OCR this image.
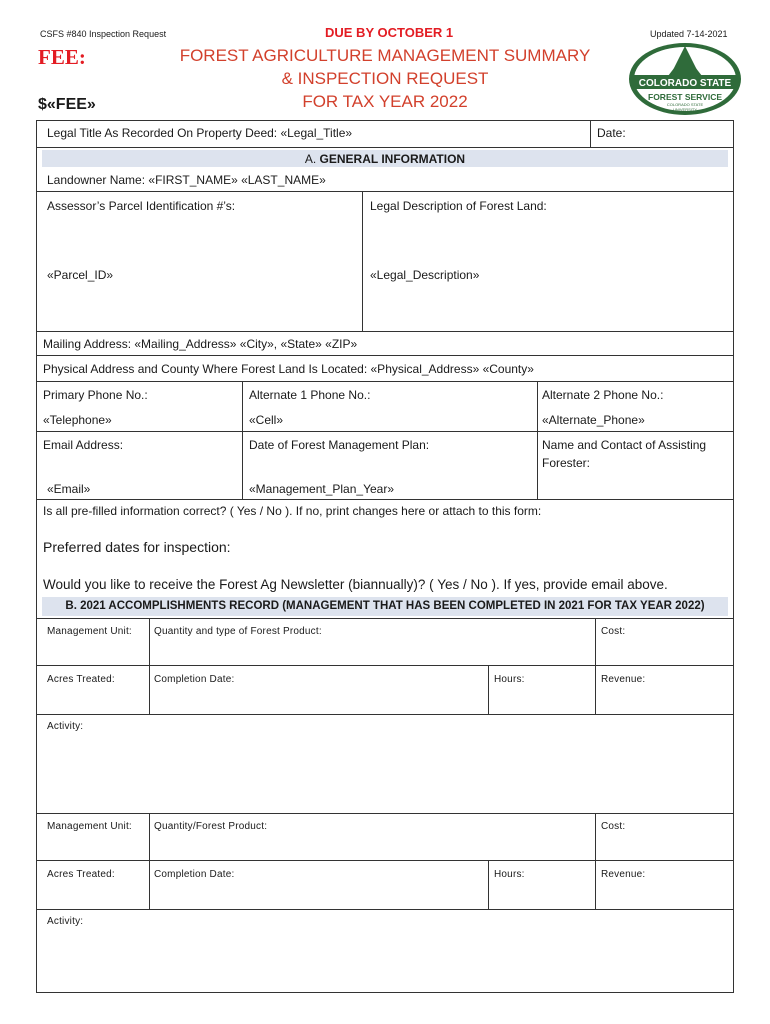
CSFS #840 Inspection Request	DUE BY OCTOBER 1	Updated 7-14-2021
FEE:
$«FEE»
FOREST AGRICULTURE MANAGEMENT SUMMARY
& INSPECTION REQUEST
FOR TAX YEAR 2022
COLORADO STATE
FOREST SERVICE
COLORADO STATE
UNIVERSITY
Legal Title As Recorded On Property Deed: «Legal_Title»	Date:
A. GENERAL INFORMATION
Landowner Name: «FIRST_NAME» «LAST_NAME»
Assessor’s Parcel Identification #’s:	Legal Description of Forest Land:
«Parcel_ID»	«Legal_Description»
Mailing Address: «Mailing_Address» «City», «State» «ZIP»
Physical Address and County Where Forest Land Is Located: «Physical_Address» «County»
Primary Phone No.:	Alternate 1 Phone No.:	Alternate 2 Phone No.:
«Telephone»	«Cell»	«Alternate_Phone»
Email Address:	Date of Forest Management Plan:	Name and Contact of Assisting
Forester:
«Email»	«Management_Plan_Year»
Is all pre-filled information correct? ( Yes / No ). If no, print changes here or attach to this form:
Preferred dates for inspection:
Would you like to receive the Forest Ag Newsletter (biannually)? ( Yes / No ). If yes, provide email above.
B. 2021 ACCOMPLISHMENTS RECORD (MANAGEMENT THAT HAS BEEN COMPLETED IN 2021 FOR TAX YEAR 2022)
Management Unit: Quantity and type of Forest Product:	Cost:
Acres Treated:	Completion Date:	Hours:	Revenue:
Activity:
Management Unit: Quantity/Forest Product:	Cost:
Acres Treated:	Completion Date:	Hours:	Revenue:
Activity:
